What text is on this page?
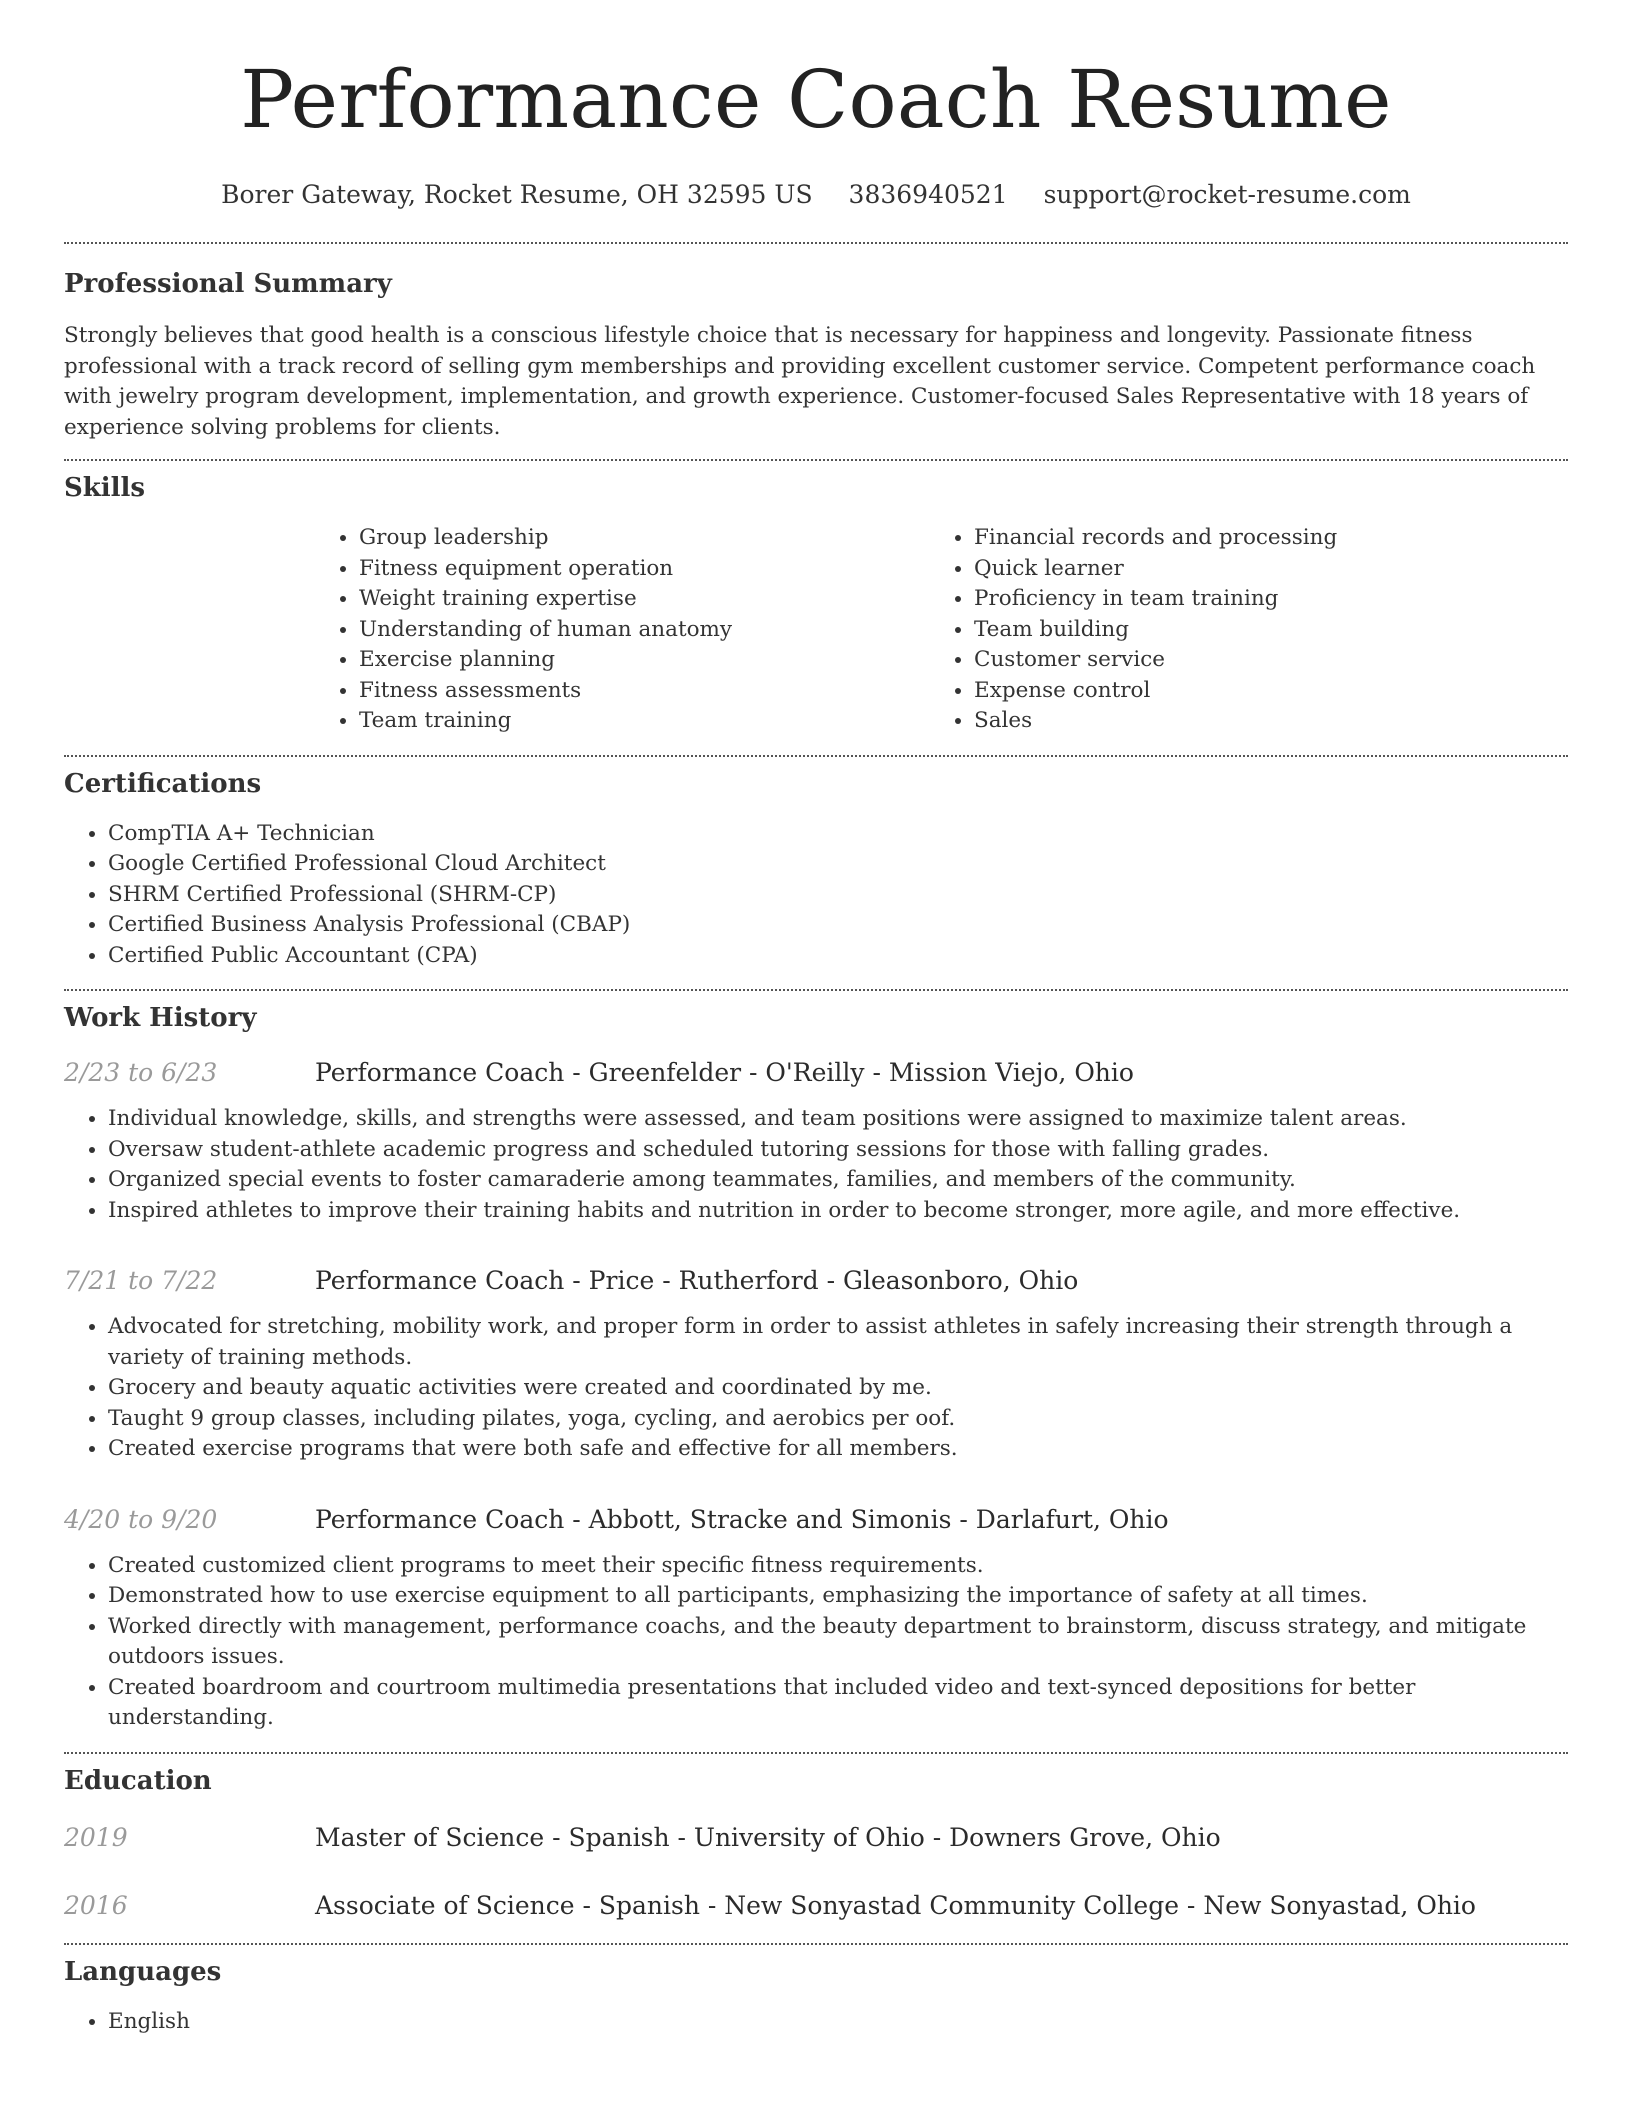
Performance Coach Resume
Borer Gateway, Rocket Resume, OH 32595 US 3836940521 support@rocket-resume.com
Professional Summary

Strongly believes that good health is a conscious lifestyle choice that is necessary for happiness and longevity. Passionate fitness professional with a track record of selling gym memberships and providing excellent customer service. Competent performance coach with jewelry program development, implementation, and growth experience. Customer-focused Sales Representative with 18 years of experience solving problems for clients.

Skills
• Group leadership
• Fitness equipment operation
• Weight training expertise
• Understanding of human anatomy
• Exercise planning
• Fitness assessments
• Team training
• Financial records and processing
• Quick learner
• Proficiency in team training
• Team building
• Customer service
• Expense control
• Sales
Certifications
• CompTIA A+ Technician
• Google Certified Professional Cloud Architect
• SHRM Certified Professional (SHRM-CP)
• Certified Business Analysis Professional (CBAP)
• Certified Public Accountant (CPA)
Work History
2/23 to 6/23	Performance Coach - Greenfelder - O'Reilly - Mission Viejo, Ohio
• Individual knowledge, skills, and strengths were assessed, and team positions were assigned to maximize talent areas.
• Oversaw student-athlete academic progress and scheduled tutoring sessions for those with falling grades.
• Organized special events to foster camaraderie among teammates, families, and members of the community.
• Inspired athletes to improve their training habits and nutrition in order to become stronger, more agile, and more effective.
7/21 to 7/22	Performance Coach - Price - Rutherford - Gleasonboro, Ohio
• Advocated for stretching, mobility work, and proper form in order to assist athletes in safely increasing their strength through a variety of training methods.
• Grocery and beauty aquatic activities were created and coordinated by me.
• Taught 9 group classes, including pilates, yoga, cycling, and aerobics per oof.
• Created exercise programs that were both safe and effective for all members.
4/20 to 9/20	Performance Coach - Abbott, Stracke and Simonis - Darlafurt, Ohio
• Created customized client programs to meet their specific fitness requirements.
• Demonstrated how to use exercise equipment to all participants, emphasizing the importance of safety at all times.
• Worked directly with management, performance coachs, and the beauty department to brainstorm, discuss strategy, and mitigate outdoors issues.
• Created boardroom and courtroom multimedia presentations that included video and text-synced depositions for better understanding.
Education
2019	Master of Science - Spanish - University of Ohio - Downers Grove, Ohio
2016	Associate of Science - Spanish - New Sonyastad Community College - New Sonyastad, Ohio
Languages
• English
